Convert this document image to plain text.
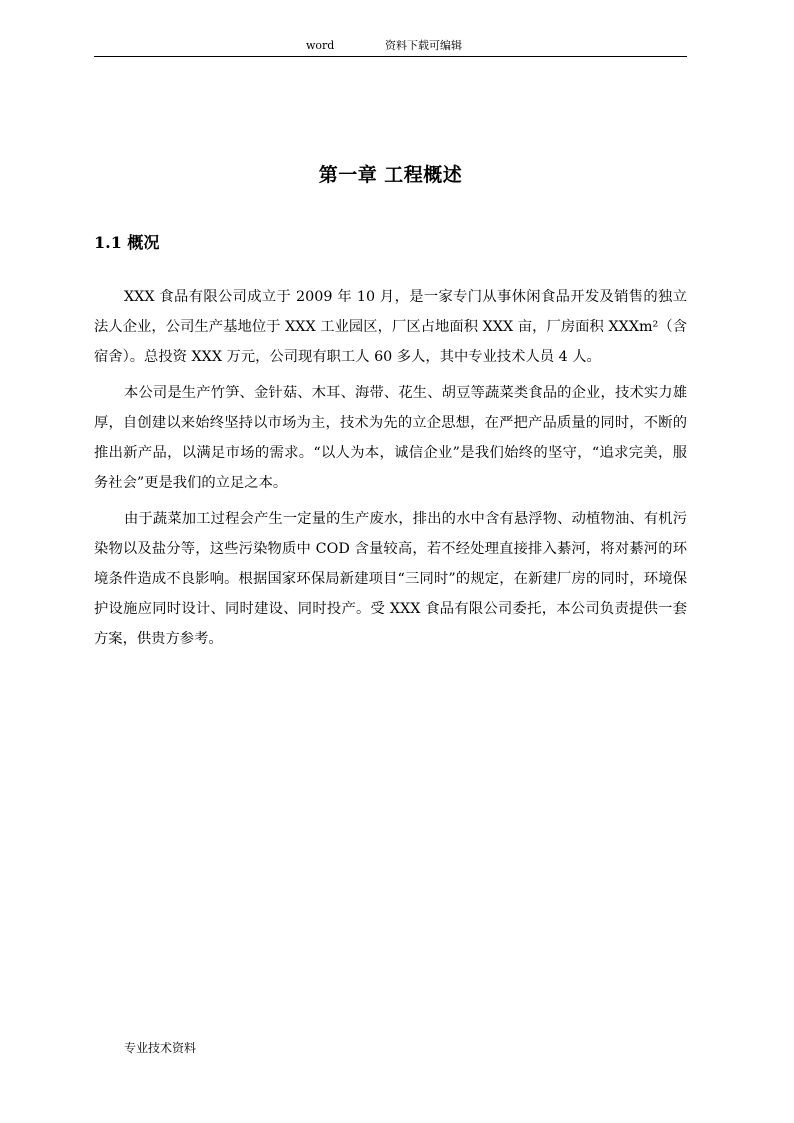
word	资料下载可编辑
第一章 工程概述
1.1 概况

XXX 食品有限公司成立于 2009 年 10 月，是一家专门从事休闲食品开发及销售的独立法人企业，公司生产基地位于 XXX 工业园区，厂区占地面积 XXX 亩，厂房面积 XXXm²（含宿舍）。总投资 XXX 万元，公司现有职工人 60 多人，其中专业技术人员 4 人。

本公司是生产竹笋、金针菇、木耳、海带、花生、胡豆等蔬菜类食品的企业，技术实力雄厚，自创建以来始终坚持以市场为主，技术为先的立企思想，在严把产品质量的同时，不断的推出新产品，以满足市场的需求。“以人为本，诚信企业”是我们始终的坚守，“追求完美，服务社会”更是我们的立足之本。

由于蔬菜加工过程会产生一定量的生产废水，排出的水中含有悬浮物、动植物油、有机污染物以及盐分等，这些污染物质中 COD 含量较高，若不经处理直接排入綦河，将对綦河的环境条件造成不良影响。根据国家环保局新建项目“三同时”的规定，在新建厂房的同时，环境保护设施应同时设计、同时建设、同时投产。受 XXX 食品有限公司委托，本公司负责提供一套方案，供贵方参考。

专业技术资料
